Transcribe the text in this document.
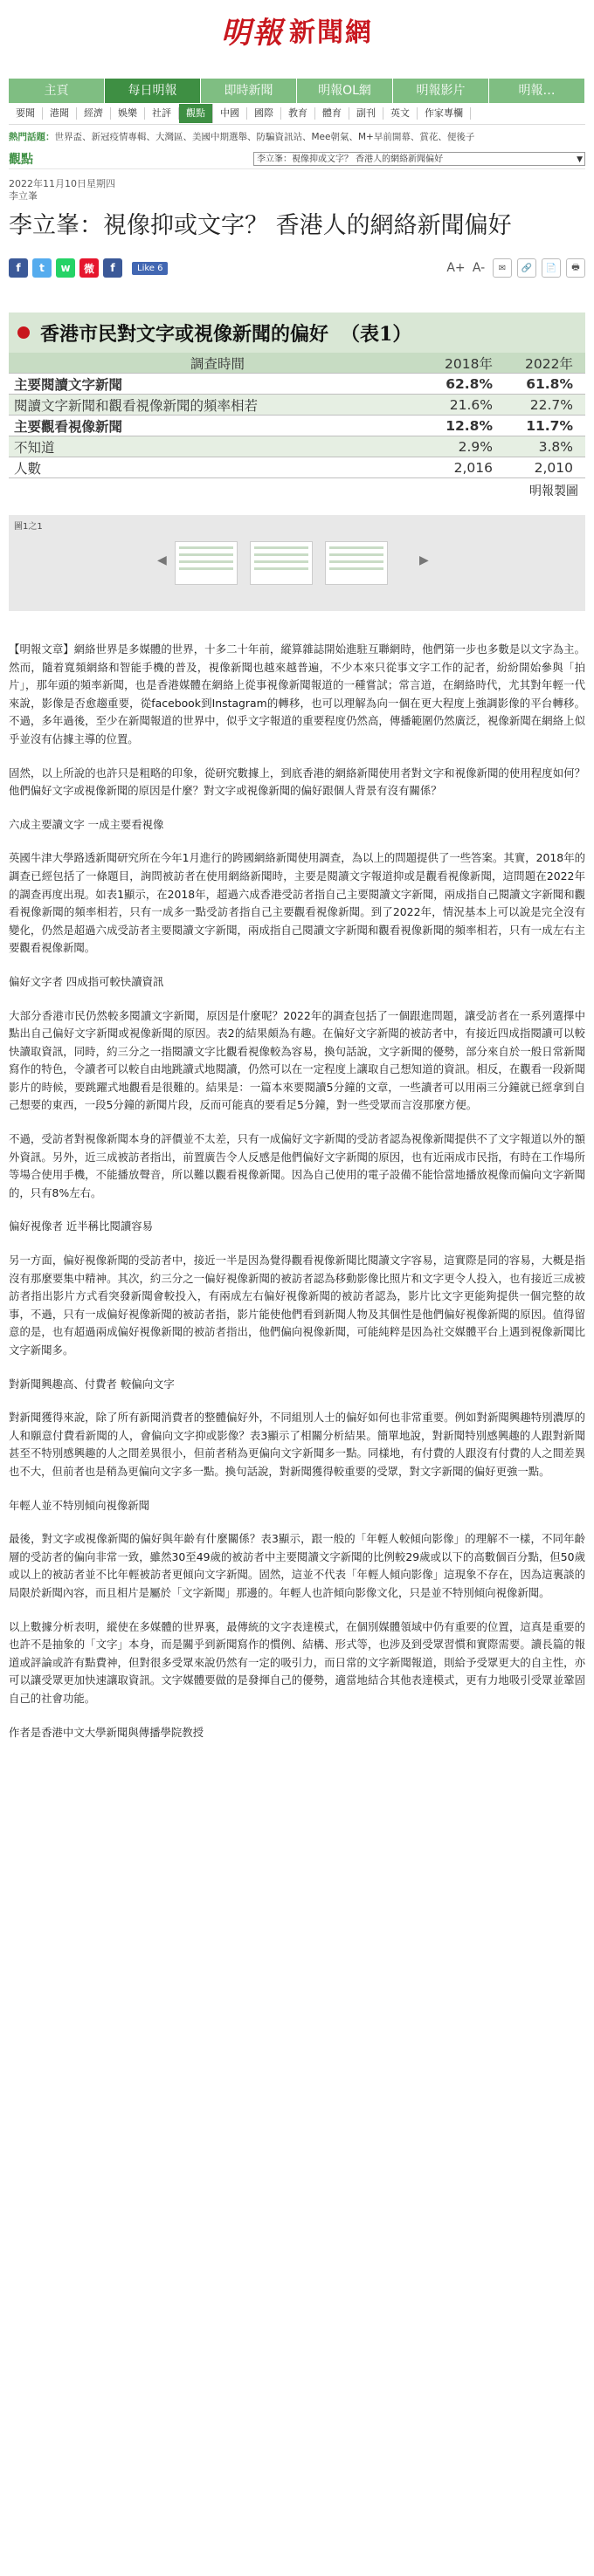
明報 新聞網
主頁	每日明報	即時新聞	明報OL網	明報影片	明報…
要聞	港聞	經濟	娛樂	社評	觀點	中國	國際	教育	體育	副刊	英文	作家專欄
熱門話題：世界盃、新冠疫情專輯、大灣區、美國中期選舉、防騙資訊站、Mee朝氣、M+早前開幕、賞花、便後子
觀點	李立峯：視像抑或文字？ 香港人的網絡新聞偏好	▼
2022年11月10日星期四
李立峯
李立峯：視像抑或文字？ 香港人的網絡新聞偏好
f	t	w	微	f	Like 6	A+ A-	✉	🔗	📄	🖶
香港市民對文字或視像新聞的偏好 （表1）
調查時間	2018年	2022年
主要閱讀文字新聞	62.8%	61.8%
閱讀文字新聞和觀看視像新聞的頻率相若	21.6%	22.7%
主要觀看視像新聞	12.8%	11.7%
不知道	2.9%	3.8%
人數	2,016	2,010
明報製圖
圖1之1
◀	▶

【明報文章】網絡世界是多媒體的世界，十多二十年前，縱算雜誌開始進駐互聯網時，他們第一步也多數是以文字為主。然而，隨着寬頻網絡和智能手機的普及，視像新聞也越來越普遍，不少本來只從事文字工作的記者，紛紛開始參與「拍片」，那年頭的頻率新聞，也是香港媒體在網絡上從事視像新聞報道的一種嘗試；常言道，在網絡時代，尤其對年輕一代來說，影像是否愈趨重要，從facebook到Instagram的轉移，也可以理解為向一個在更大程度上強調影像的平台轉移。不過，多年過後，至少在新聞報道的世界中，似乎文字報道的重要程度仍然高，傳播範圍仍然廣泛，視像新聞在網絡上似乎並沒有佔據主導的位置。

固然，以上所說的也許只是粗略的印象，從研究數據上，到底香港的網絡新聞使用者對文字和視像新聞的使用程度如何？他們偏好文字或視像新聞的原因是什麼？對文字或視像新聞的偏好跟個人背景有沒有關係？

六成主要讀文字 一成主要看視像

英國牛津大學路透新聞研究所在今年1月進行的跨國網絡新聞使用調查，為以上的問題提供了一些答案。其實，2018年的調查已經包括了一條題目，詢問被訪者在使用網絡新聞時，主要是閱讀文字報道抑或是觀看視像新聞，這問題在2022年的調查再度出現。如表1顯示，在2018年，超過六成香港受訪者指自己主要閱讀文字新聞，兩成指自己閱讀文字新聞和觀看視像新聞的頻率相若，只有一成多一點受訪者指自己主要觀看視像新聞。到了2022年，情況基本上可以說是完全沒有變化，仍然是超過六成受訪者主要閱讀文字新聞，兩成指自己閱讀文字新聞和觀看視像新聞的頻率相若，只有一成左右主要觀看視像新聞。

偏好文字者 四成指可較快讀資訊

大部分香港市民仍然較多閱讀文字新聞，原因是什麼呢？2022年的調查包括了一個跟進問題，讓受訪者在一系列選擇中點出自己偏好文字新聞或視像新聞的原因。表2的結果頗為有趣。在偏好文字新聞的被訪者中，有接近四成指閱讀可以較快讀取資訊，同時，約三分之一指閱讀文字比觀看視像較為容易，換句話說，文字新聞的優勢，部分來自於一般日常新聞寫作的特色，令讀者可以較自由地跳讀式地閱讀，仍然可以在一定程度上讓取自己想知道的資訊。相反，在觀看一段新聞影片的時候，要跳躍式地觀看是很難的。結果是：一篇本來要閱讀5分鐘的文章，一些讀者可以用兩三分鐘就已經拿到自己想要的東西，一段5分鐘的新聞片段，反而可能真的要看足5分鐘，對一些受眾而言沒那麼方便。

不過，受訪者對視像新聞本身的評價並不太差，只有一成偏好文字新聞的受訪者認為視像新聞提供不了文字報道以外的額外資訊。另外，近三成被訪者指出，前置廣告令人反感是他們偏好文字新聞的原因，也有近兩成市民指，有時在工作場所等場合使用手機，不能播放聲音，所以難以觀看視像新聞。因為自己使用的電子設備不能恰當地播放視像而偏向文字新聞的，只有8%左右。

偏好視像者 近半稱比閱讀容易

另一方面，偏好視像新聞的受訪者中，接近一半是因為覺得觀看視像新聞比閱讀文字容易，這實際是同的容易，大概是指沒有那麼要集中精神。其次，約三分之一偏好視像新聞的被訪者認為移動影像比照片和文字更令人投入，也有接近三成被訪者指出影片方式看突發新聞會較投入，有兩成左右偏好視像新聞的被訪者認為，影片比文字更能夠提供一個完整的故事，不過，只有一成偏好視像新聞的被訪者指，影片能使他們看到新聞人物及其個性是他們偏好視像新聞的原因。值得留意的是，也有超過兩成偏好視像新聞的被訪者指出，他們偏向視像新聞，可能純粹是因為社交媒體平台上遇到視像新聞比文字新聞多。

對新聞興趣高、付費者 較偏向文字

對新聞獲得來說，除了所有新聞消費者的整體偏好外，不同組別人士的偏好如何也非常重要。例如對新聞興趣特別濃厚的人和願意付費看新聞的人，會偏向文字抑或影像？表3顯示了相關分析結果。簡單地說，對新聞特別感興趣的人跟對新聞甚至不特別感興趣的人之間差異很小，但前者稍為更偏向文字新聞多一點。同樣地，有付費的人跟沒有付費的人之間差異也不大，但前者也是稍為更偏向文字多一點。換句話說，對新聞獲得較重要的受眾，對文字新聞的偏好更強一點。

年輕人並不特別傾向視像新聞

最後，對文字或視像新聞的偏好與年齡有什麼關係？表3顯示，跟一般的「年輕人較傾向影像」的理解不一樣，不同年齡層的受訪者的偏向非常一致，雖然30至49歲的被訪者中主要閱讀文字新聞的比例較29歲或以下的高數個百分點，但50歲或以上的被訪者並不比年輕被訪者更傾向文字新聞。固然，這並不代表「年輕人傾向影像」這現象不存在，因為這裏談的局限於新聞內容，而且相片是屬於「文字新聞」那邊的。年輕人也許傾向影像文化，只是並不特別傾向視像新聞。

以上數據分析表明，縱使在多媒體的世界裏，最傳統的文字表達模式，在個別媒體領域中仍有重要的位置，這真是重要的也許不是抽象的「文字」本身，而是關乎到新聞寫作的慣例、結構、形式等，也涉及到受眾習慣和實際需要。讀長篇的報道或評論或許有點費神，但對很多受眾來說仍然有一定的吸引力，而日常的文字新聞報道，則給予受眾更大的自主性，亦可以讓受眾更加快速讓取資訊。文字媒體要做的是發揮自己的優勢，適當地結合其他表達模式，更有力地吸引受眾並鞏固自己的社會功能。

作者是香港中文大學新聞與傳播學院教授
